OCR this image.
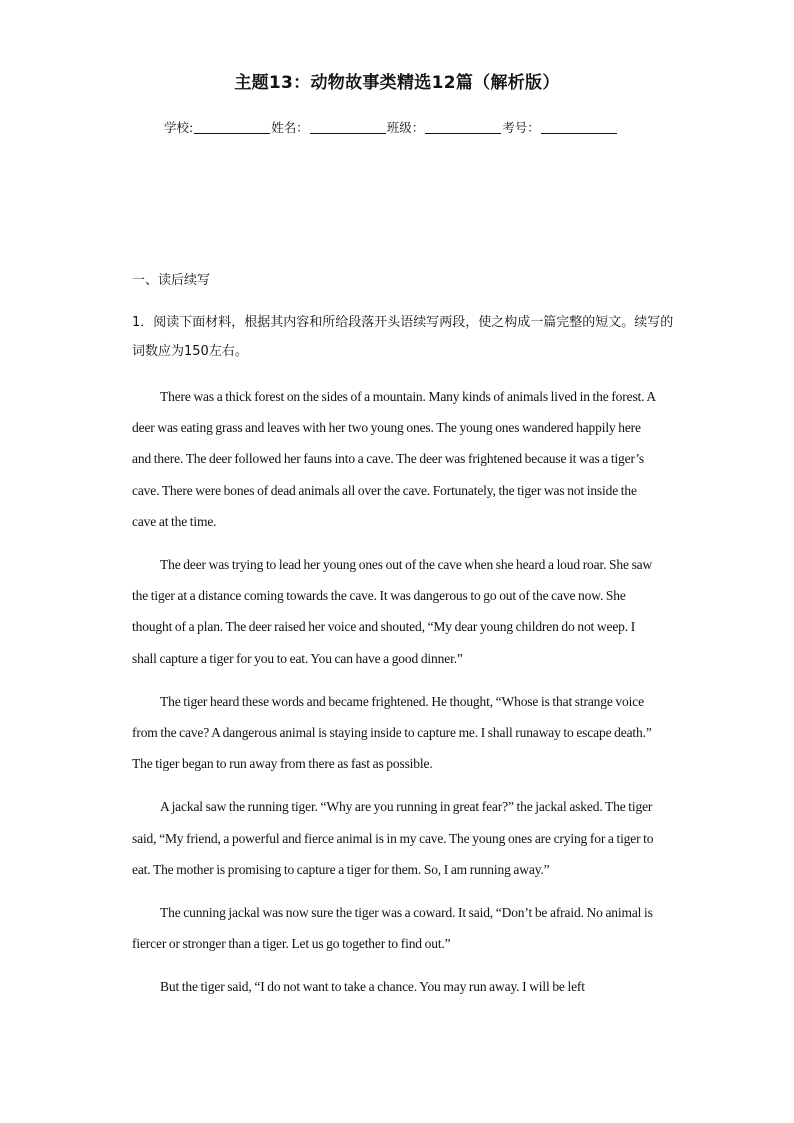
主题13：动物故事类精选12篇（解析版）
学校:	姓名：	班级：	考号：
一、读后续写
1．阅读下面材料，根据其内容和所给段落开头语续写两段，使之构成一篇完整的短文。续写的词数应为150左右。

There was a thick forest on the sides of a mountain. Many kinds of animals lived in the forest. A deer was eating grass and leaves with her two young ones. The young ones wandered happily here and there. The deer followed her fauns into a cave. The deer was frightened because it was a tiger’s cave. There were bones of dead animals all over the cave. Fortunately, the tiger was not inside the cave at the time.

The deer was trying to lead her young ones out of the cave when she heard a loud roar. She saw the tiger at a distance coming towards the cave. It was dangerous to go out of the cave now. She thought of a plan. The deer raised her voice and shouted, “My dear young children do not weep. I shall capture a tiger for you to eat. You can have a good dinner.”

The tiger heard these words and became frightened. He thought, “Whose is that strange voice from the cave? A dangerous animal is staying inside to capture me. I shall runaway to escape death.” The tiger began to run away from there as fast as possible.

A jackal saw the running tiger. “Why are you running in great fear?” the jackal asked. The tiger said, “My friend, a powerful and fierce animal is in my cave. The young ones are crying for a tiger to eat. The mother is promising to capture a tiger for them. So, I am running away.”

The cunning jackal was now sure the tiger was a coward. It said, “Don’t be afraid. No animal is fiercer or stronger than a tiger. Let us go together to find out.”

But the tiger said, “I do not want to take a chance. You may run away. I will be left
